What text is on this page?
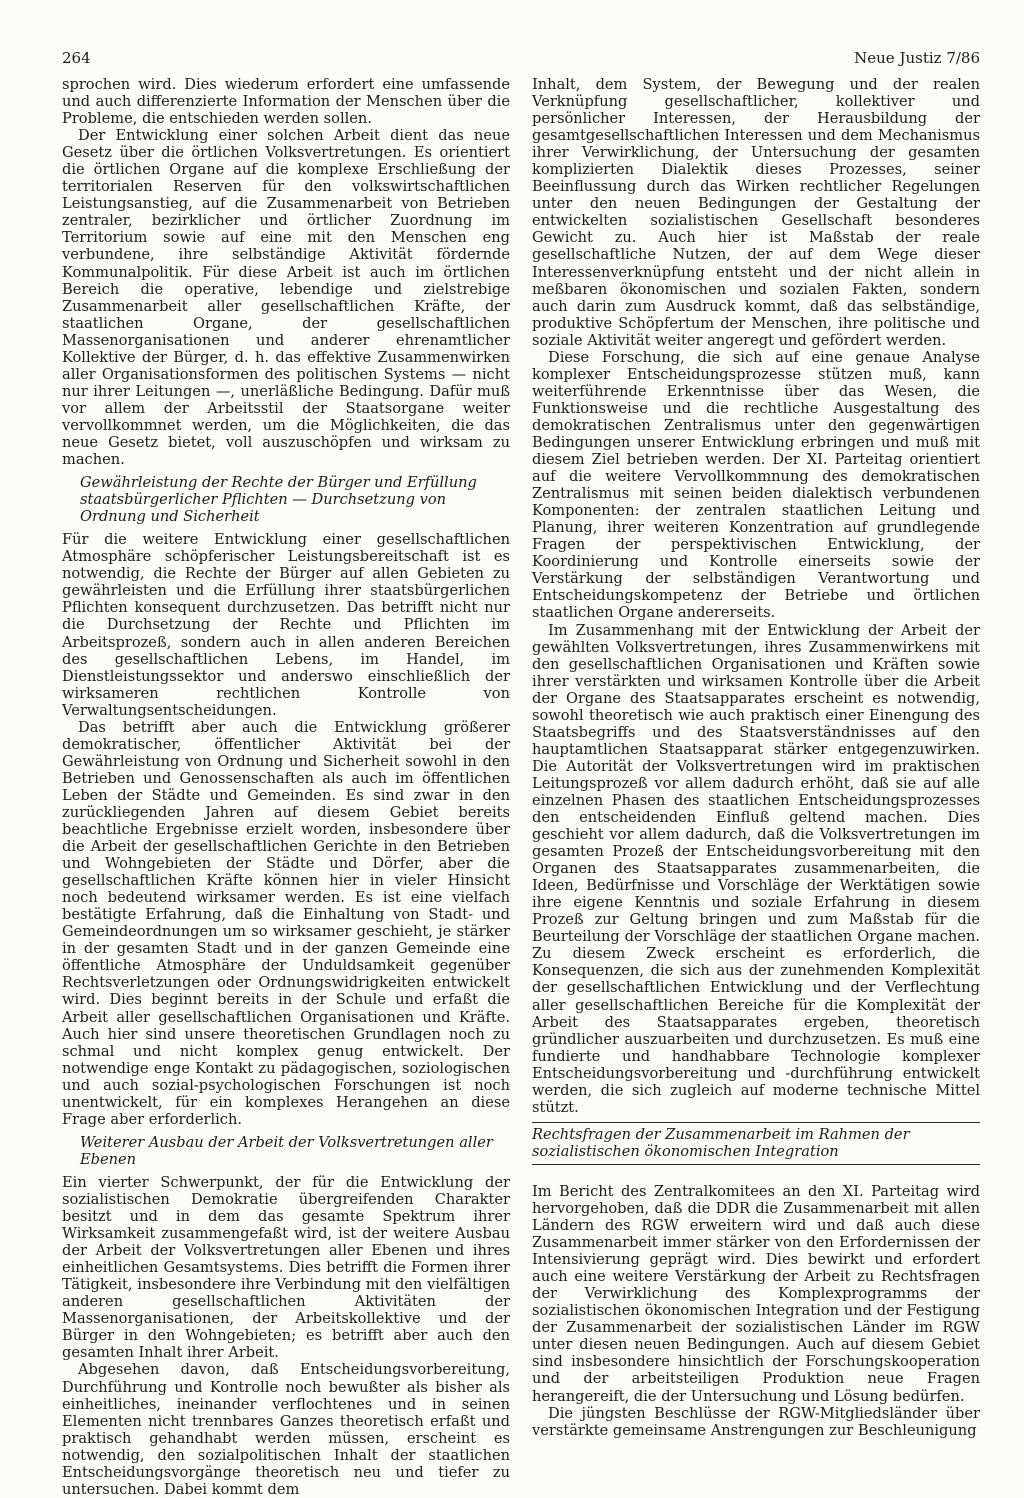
264	Neue Justiz 7/86

sprochen wird. Dies wiederum erfordert eine umfassende und auch differenzierte Information der Menschen über die Probleme, die entschieden werden sollen.

Der Entwicklung einer solchen Arbeit dient das neue Gesetz über die örtlichen Volksvertretungen. Es orientiert die örtlichen Organe auf die komplexe Erschließung der territorialen Reserven für den volkswirtschaftlichen Leistungsanstieg, auf die Zusammenarbeit von Betrieben zentraler, bezirklicher und örtlicher Zuordnung im Territorium sowie auf eine mit den Menschen eng verbundene, ihre selbständige Aktivität fördernde Kommunalpolitik. Für diese Arbeit ist auch im örtlichen Bereich die operative, lebendige und zielstrebige Zusammenarbeit aller gesellschaftlichen Kräfte, der staatlichen Organe, der gesellschaftlichen Massenorganisationen und anderer ehrenamtlicher Kollektive der Bürger, d. h. das effektive Zusammenwirken aller Organisationsformen des politischen Systems — nicht nur ihrer Leitungen —, unerläßliche Bedingung. Dafür muß vor allem der Arbeitsstil der Staatsorgane weiter vervollkommnet werden, um die Möglichkeiten, die das neue Gesetz bietet, voll auszuschöpfen und wirksam zu machen.

Gewährleistung der Rechte der Bürger und Erfüllung staatsbürgerlicher Pflichten — Durchsetzung von Ordnung und Sicherheit

Für die weitere Entwicklung einer gesellschaftlichen Atmosphäre schöpferischer Leistungsbereitschaft ist es notwendig, die Rechte der Bürger auf allen Gebieten zu gewährleisten und die Erfüllung ihrer staatsbürgerlichen Pflichten konsequent durchzusetzen. Das betrifft nicht nur die Durchsetzung der Rechte und Pflichten im Arbeitsprozeß, sondern auch in allen anderen Bereichen des gesellschaftlichen Lebens, im Handel, im Dienstleistungssektor und anderswo einschließlich der wirksameren rechtlichen Kontrolle von Verwaltungsentscheidungen.

Das betrifft aber auch die Entwicklung größerer demokratischer, öffentlicher Aktivität bei der Gewährleistung von Ordnung und Sicherheit sowohl in den Betrieben und Genossenschaften als auch im öffentlichen Leben der Städte und Gemeinden. Es sind zwar in den zurückliegenden Jahren auf diesem Gebiet bereits beachtliche Ergebnisse erzielt worden, insbesondere über die Arbeit der gesellschaftlichen Gerichte in den Betrieben und Wohngebieten der Städte und Dörfer, aber die gesellschaftlichen Kräfte können hier in vieler Hinsicht noch bedeutend wirksamer werden. Es ist eine vielfach bestätigte Erfahrung, daß die Einhaltung von Stadt- und Gemeindeordnungen um so wirksamer geschieht, je stärker in der gesamten Stadt und in der ganzen Gemeinde eine öffentliche Atmosphäre der Unduldsamkeit gegenüber Rechtsverletzungen oder Ordnungswidrigkeiten entwickelt wird. Dies beginnt bereits in der Schule und erfaßt die Arbeit aller gesellschaftlichen Organisationen und Kräfte. Auch hier sind unsere theoretischen Grundlagen noch zu schmal und nicht komplex genug entwickelt. Der notwendige enge Kontakt zu pädagogischen, soziologischen und auch sozial-psychologischen Forschungen ist noch unentwickelt, für ein komplexes Herangehen an diese Frage aber erforderlich.

Weiterer Ausbau der Arbeit der Volksvertretungen aller Ebenen

Ein vierter Schwerpunkt, der für die Entwicklung der sozialistischen Demokratie übergreifenden Charakter besitzt und in dem das gesamte Spektrum ihrer Wirksamkeit zusammengefaßt wird, ist der weitere Ausbau der Arbeit der Volksvertretungen aller Ebenen und ihres einheitlichen Gesamtsystems. Dies betrifft die Formen ihrer Tätigkeit, insbesondere ihre Verbindung mit den vielfältigen anderen gesellschaftlichen Aktivitäten der Massenorganisationen, der Arbeitskollektive und der Bürger in den Wohngebieten; es betrifft aber auch den gesamten Inhalt ihrer Arbeit.

Abgesehen davon, daß Entscheidungsvorbereitung, Durchführung und Kontrolle noch bewußter als bisher als einheitliches, ineinander verflochtenes und in seinen Elementen nicht trennbares Ganzes theoretisch erfaßt und praktisch gehandhabt werden müssen, erscheint es notwendig, den sozialpolitischen Inhalt der staatlichen Entscheidungsvorgänge theoretisch neu und tiefer zu untersuchen. Dabei kommt dem

Inhalt, dem System, der Bewegung und der realen Verknüpfung gesellschaftlicher, kollektiver und persönlicher Interessen, der Herausbildung der gesamtgesellschaftlichen Interessen und dem Mechanismus ihrer Verwirklichung, der Untersuchung der gesamten komplizierten Dialektik dieses Prozesses, seiner Beeinflussung durch das Wirken rechtlicher Regelungen unter den neuen Bedingungen der Gestaltung der entwickelten sozialistischen Gesellschaft besonderes Gewicht zu. Auch hier ist Maßstab der reale gesellschaftliche Nutzen, der auf dem Wege dieser Interessenverknüpfung entsteht und der nicht allein in meßbaren ökonomischen und sozialen Fakten, sondern auch darin zum Ausdruck kommt, daß das selbständige, produktive Schöpfertum der Menschen, ihre politische und soziale Aktivität weiter angeregt und gefördert werden.

Diese Forschung, die sich auf eine genaue Analyse komplexer Entscheidungsprozesse stützen muß, kann weiterführende Erkenntnisse über das Wesen, die Funktionsweise und die rechtliche Ausgestaltung des demokratischen Zentralismus unter den gegenwärtigen Bedingungen unserer Entwicklung erbringen und muß mit diesem Ziel betrieben werden. Der XI. Parteitag orientiert auf die weitere Vervollkommnung des demokratischen Zentralismus mit seinen beiden dialektisch verbundenen Komponenten: der zentralen staatlichen Leitung und Planung, ihrer weiteren Konzentration auf grundlegende Fragen der perspektivischen Entwicklung, der Koordinierung und Kontrolle einerseits sowie der Verstärkung der selbständigen Verantwortung und Entscheidungskompetenz der Betriebe und örtlichen staatlichen Organe andererseits.

Im Zusammenhang mit der Entwicklung der Arbeit der gewählten Volksvertretungen, ihres Zusammenwirkens mit den gesellschaftlichen Organisationen und Kräften sowie ihrer verstärkten und wirksamen Kontrolle über die Arbeit der Organe des Staatsapparates erscheint es notwendig, sowohl theoretisch wie auch praktisch einer Einengung des Staatsbegriffs und des Staatsverständnisses auf den hauptamtlichen Staatsapparat stärker entgegenzuwirken. Die Autorität der Volksvertretungen wird im praktischen Leitungsprozeß vor allem dadurch erhöht, daß sie auf alle einzelnen Phasen des staatlichen Entscheidungsprozesses den entscheidenden Einfluß geltend machen. Dies geschieht vor allem dadurch, daß die Volksvertretungen im gesamten Prozeß der Entscheidungsvorbereitung mit den Organen des Staatsapparates zusammenarbeiten, die Ideen, Bedürfnisse und Vorschläge der Werktätigen sowie ihre eigene Kenntnis und soziale Erfahrung in diesem Prozeß zur Geltung bringen und zum Maßstab für die Beurteilung der Vorschläge der staatlichen Organe machen. Zu diesem Zweck erscheint es erforderlich, die Konsequenzen, die sich aus der zunehmenden Komplexität der gesellschaftlichen Entwicklung und der Verflechtung aller gesellschaftlichen Bereiche für die Komplexität der Arbeit des Staatsapparates ergeben, theoretisch gründlicher auszuarbeiten und durchzusetzen. Es muß eine fundierte und handhabbare Technologie komplexer Entscheidungsvorbereitung und -durchführung entwickelt werden, die sich zugleich auf moderne technische Mittel stützt.

Rechtsfragen der Zusammenarbeit im Rahmen der sozialistischen ökonomischen Integration

Im Bericht des Zentralkomitees an den XI. Parteitag wird hervorgehoben, daß die DDR die Zusammenarbeit mit allen Ländern des RGW erweitern wird und daß auch diese Zusammenarbeit immer stärker von den Erfordernissen der Intensivierung geprägt wird. Dies bewirkt und erfordert auch eine weitere Verstärkung der Arbeit zu Rechtsfragen der Verwirklichung des Komplexprogramms der sozialistischen ökonomischen Integration und der Festigung der Zusammenarbeit der sozialistischen Länder im RGW unter diesen neuen Bedingungen. Auch auf diesem Gebiet sind insbesondere hinsichtlich der Forschungskooperation und der arbeitsteiligen Produktion neue Fragen herangereift, die der Untersuchung und Lösung bedürfen.

Die jüngsten Beschlüsse der RGW-Mitgliedsländer über verstärkte gemeinsame Anstrengungen zur Beschleunigung
